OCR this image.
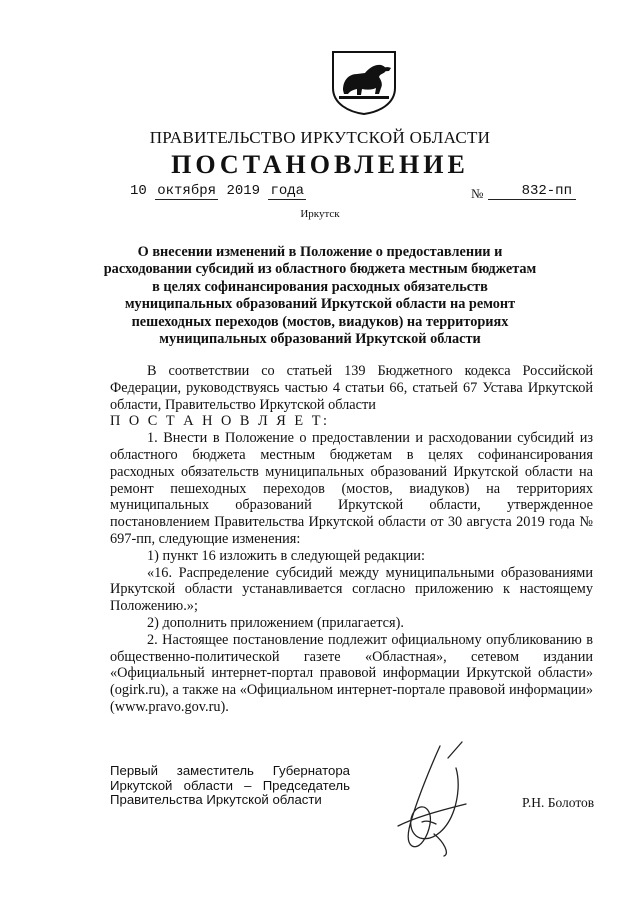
ПРАВИТЕЛЬСТВО ИРКУТСКОЙ ОБЛАСТИ
ПОСТАНОВЛЕНИЕ
10 октября 2019 года	№	832-пп
Иркутск
О внесении изменений в Положение о предоставлении и расходовании субсидий из областного бюджета местным бюджетам в целях софинансирования расходных обязательств муниципальных образований Иркутской области на ремонт пешеходных переходов (мостов, виадуков) на территориях муниципальных образований Иркутской области

В соответствии со статьей 139 Бюджетного кодекса Российской Федерации, руководствуясь частью 4 статьи 66, статьей 67 Устава Иркутской области, Правительство Иркутской области

П О С Т А Н О В Л Я Е Т:

1. Внести в Положение о предоставлении и расходовании субсидий из областного бюджета местным бюджетам в целях софинансирования расходных обязательств муниципальных образований Иркутской области на ремонт пешеходных переходов (мостов, виадуков) на территориях муниципальных образований Иркутской области, утвержденное постановлением Правительства Иркутской области от 30 августа 2019 года № 697-пп, следующие изменения:

1) пункт 16 изложить в следующей редакции:

«16. Распределение субсидий между муниципальными образованиями Иркутской области устанавливается согласно приложению к настоящему Положению.»;

2) дополнить приложением (прилагается).

2. Настоящее постановление подлежит официальному опубликованию в общественно-политической газете «Областная», сетевом издании «Официальный интернет-портал правовой информации Иркутской области» (ogirk.ru), а также на «Официальном интернет-портале правовой информации» (www.pravo.gov.ru).

Первый заместитель Губернатора
Иркутской области – Председатель
Правительства Иркутской области	Р.Н. Болотов
